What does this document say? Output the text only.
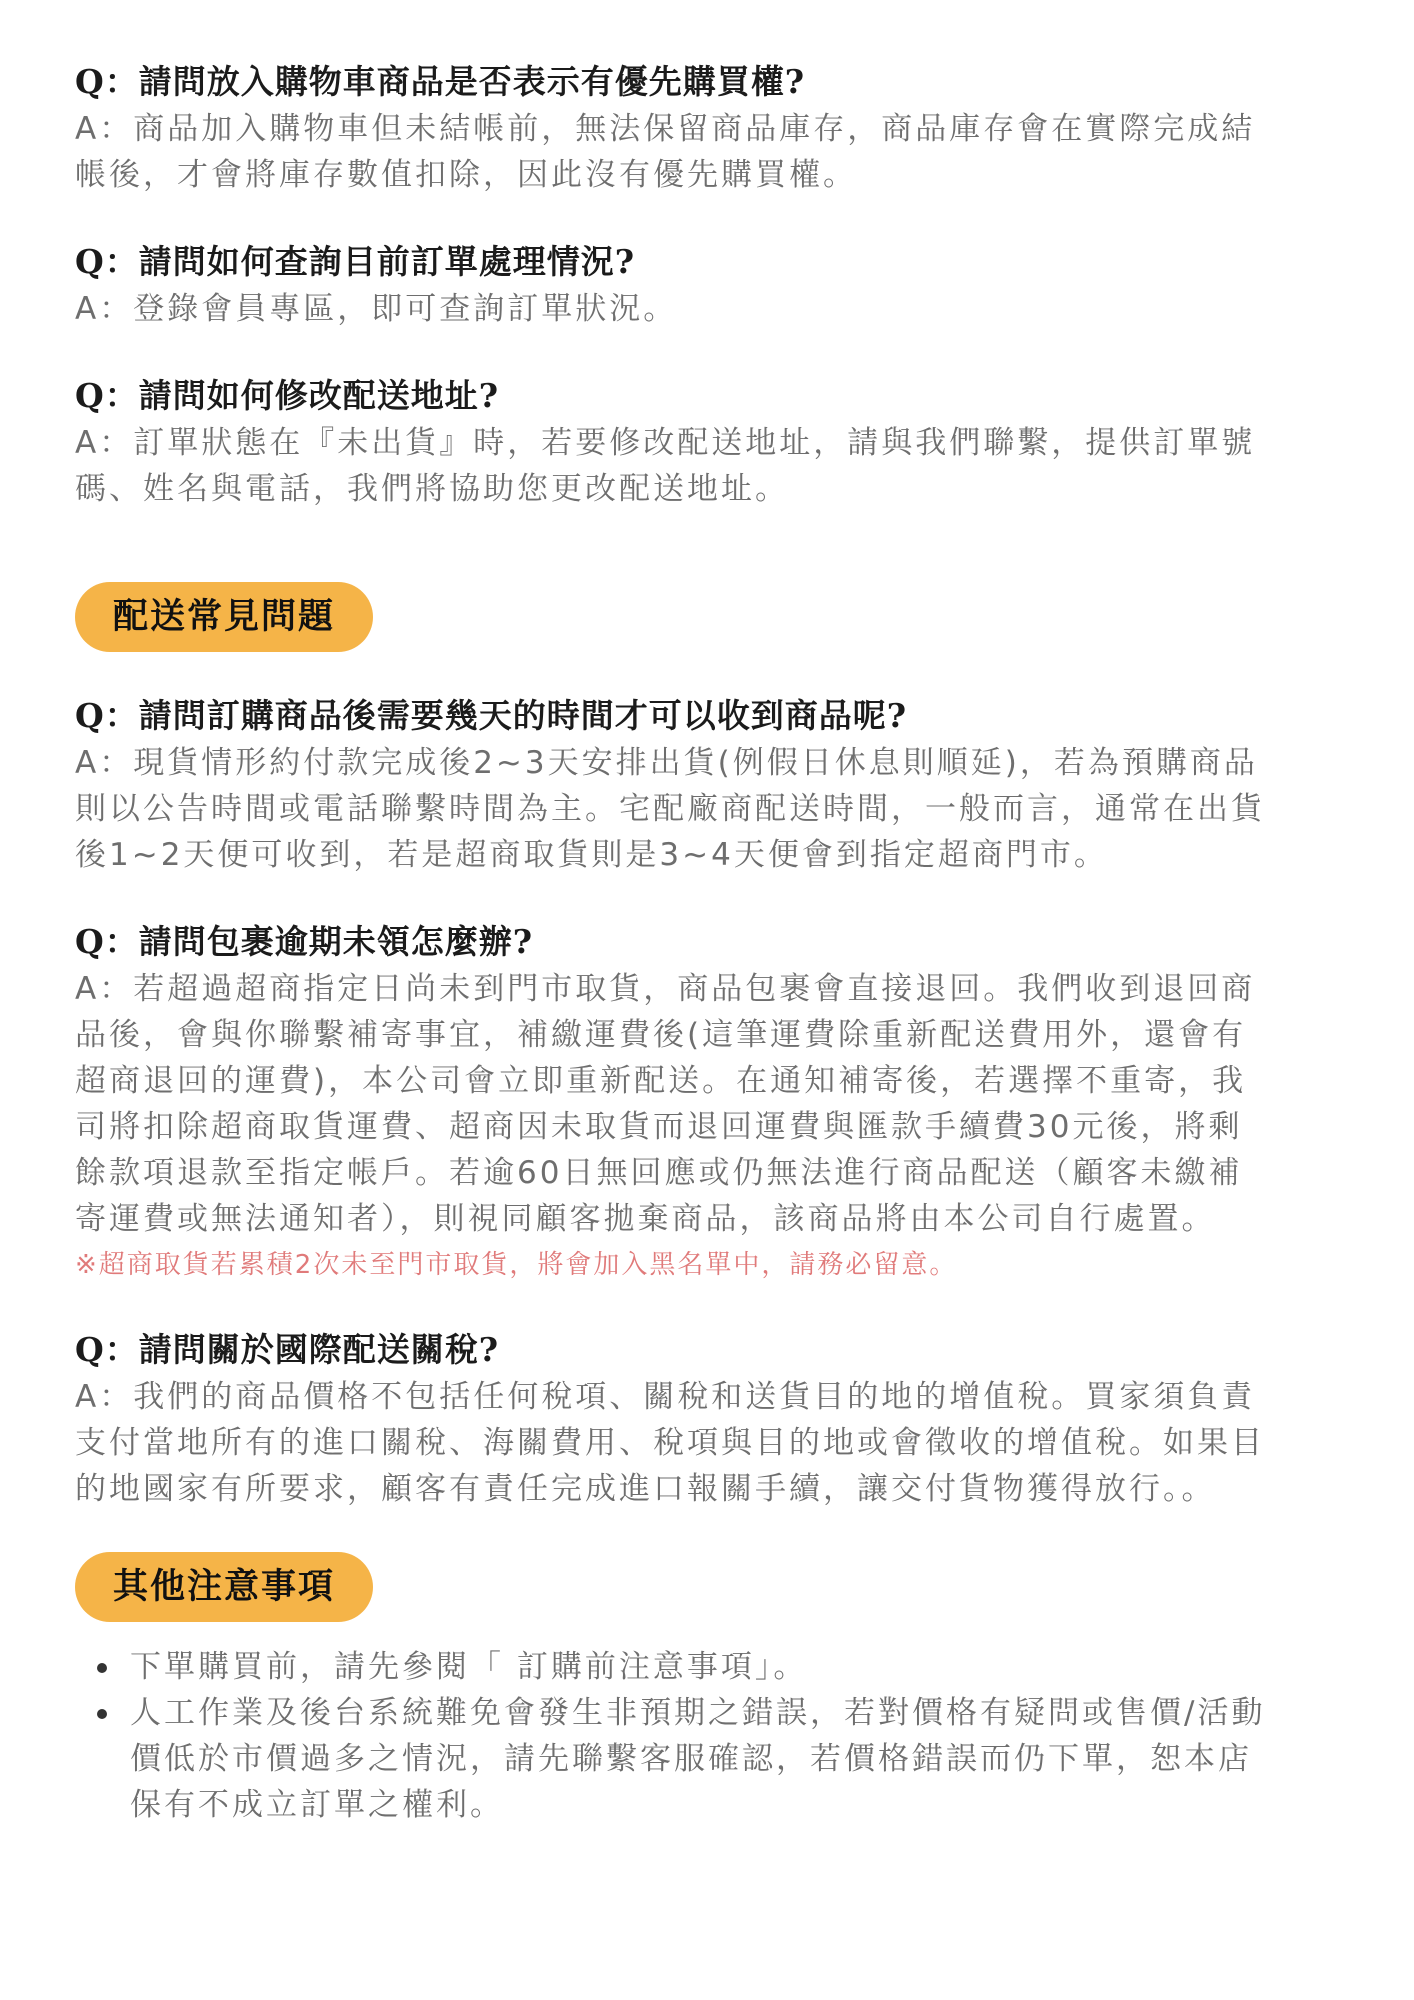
Q：請問放入購物車商品是否表示有優先購買權?

A：商品加入購物車但未結帳前，無法保留商品庫存，商品庫存會在實際完成結帳後，才會將庫存數值扣除，因此沒有優先購買權。

Q：請問如何查詢目前訂單處理情況?

A：登錄會員專區，即可查詢訂單狀況。

Q：請問如何修改配送地址?

A：訂單狀態在『未出貨』時，若要修改配送地址，請與我們聯繫，提供訂單號碼、姓名與電話，我們將協助您更改配送地址。

配送常見問題

Q：請問訂購商品後需要幾天的時間才可以收到商品呢?

A：現貨情形約付款完成後2~3天安排出貨(例假日休息則順延)，若為預購商品則以公告時間或電話聯繫時間為主。宅配廠商配送時間，一般而言，通常在出貨後1~2天便可收到，若是超商取貨則是3~4天便會到指定超商門市。

Q：請問包裹逾期未領怎麼辦?

A：若超過超商指定日尚未到門市取貨，商品包裹會直接退回。我們收到退回商品後，會與你聯繫補寄事宜，補繳運費後(這筆運費除重新配送費用外，還會有超商退回的運費)，本公司會立即重新配送。在通知補寄後，若選擇不重寄，我司將扣除超商取貨運費、超商因未取貨而退回運費與匯款手續費30元後，將剩餘款項退款至指定帳戶。若逾60日無回應或仍無法進行商品配送（顧客未繳補寄運費或無法通知者），則視同顧客拋棄商品，該商品將由本公司自行處置。

※超商取貨若累積2次未至門市取貨，將會加入黑名單中，請務必留意。

Q：請問關於國際配送關稅?

A：我們的商品價格不包括任何稅項、關稅和送貨目的地的增值稅。買家須負責支付當地所有的進口關稅、海關費用、稅項與目的地或會徵收的增值稅。如果目的地國家有所要求，顧客有責任完成進口報關手續，讓交付貨物獲得放行。。

其他注意事項
下單購買前，請先參閱「 訂購前注意事項」。
人工作業及後台系統難免會發生非預期之錯誤，若對價格有疑問或售價/活動價低於市價過多之情況，請先聯繫客服確認，若價格錯誤而仍下單，恕本店保有不成立訂單之權利。
